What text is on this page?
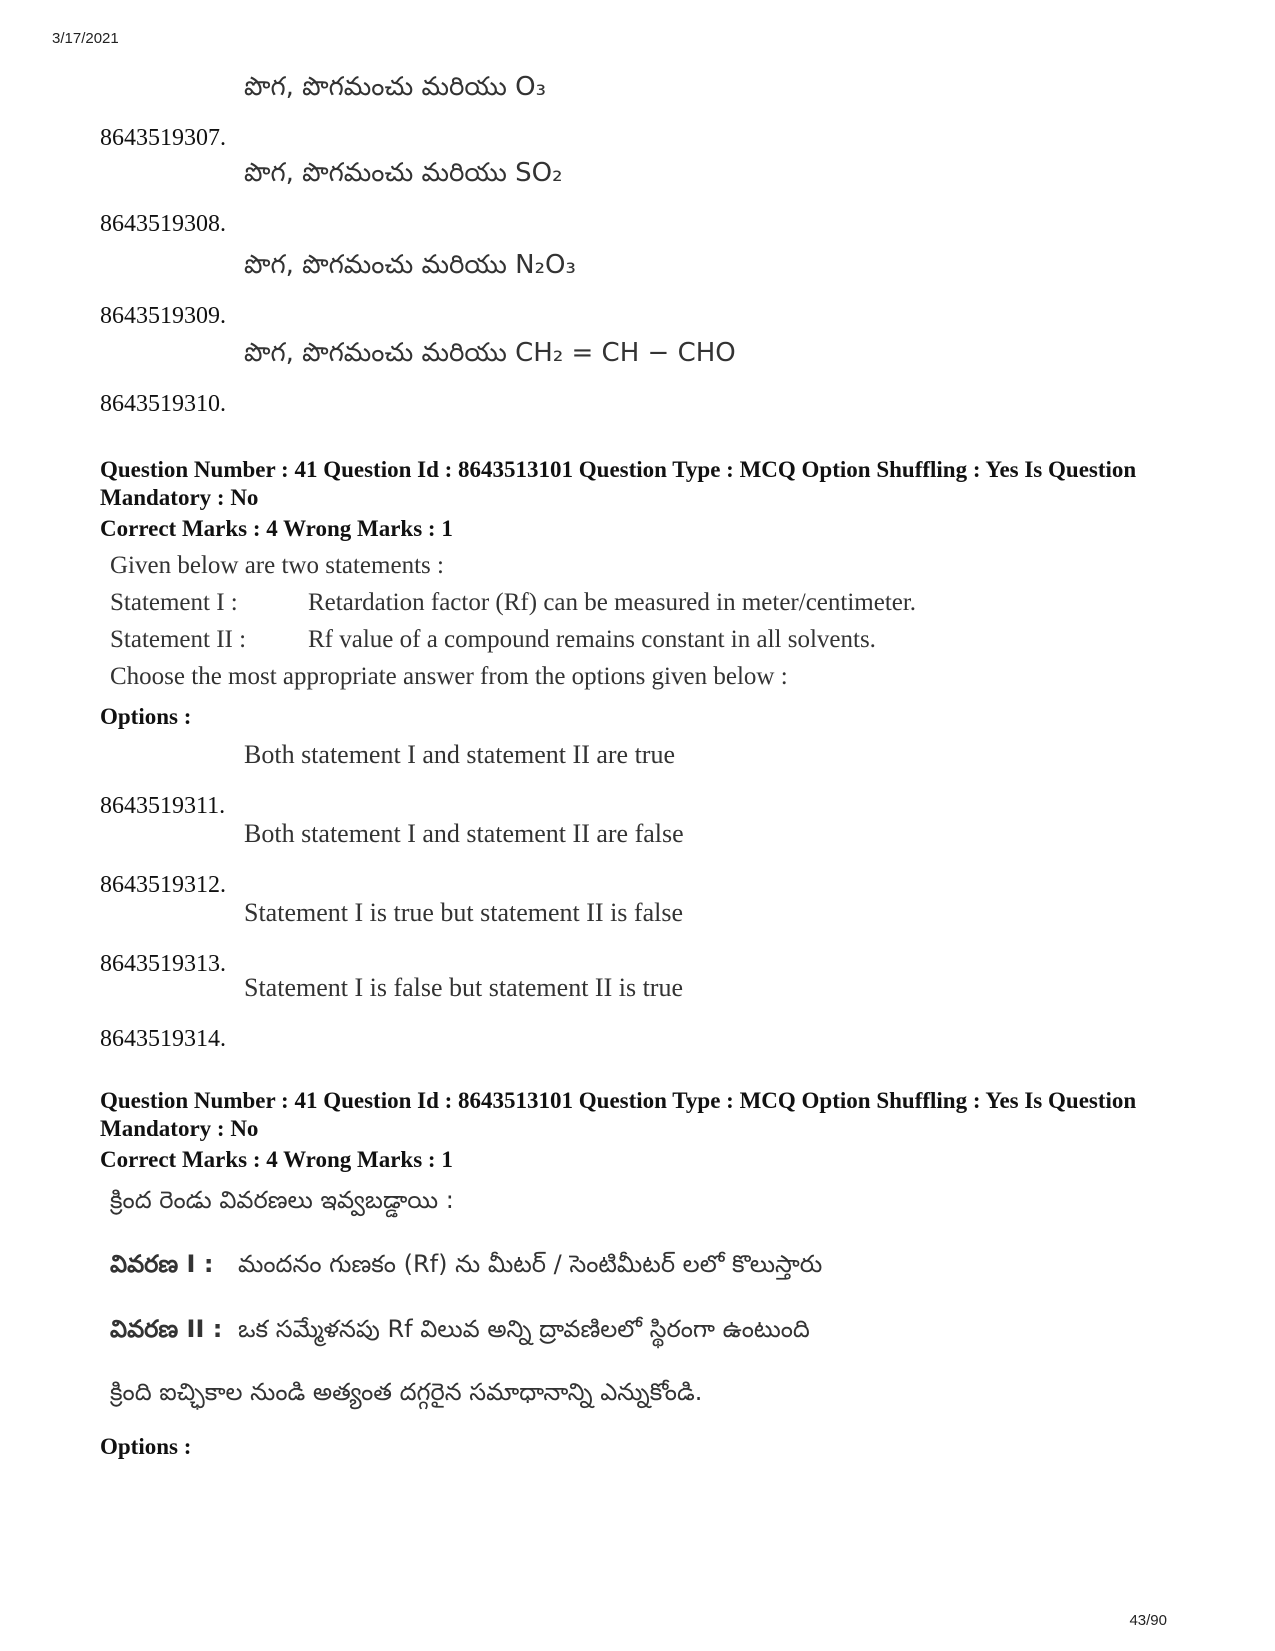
3/17/2021
8643519307.
పొగ, పొగమంచు మరియు O₃
8643519308.
పొగ, పొగమంచు మరియు SO₂
8643519309.
పొగ, పొగమంచు మరియు N₂O₃
8643519310.
పొగ, పొగమంచు మరియు CH₂ = CH − CHO
Question Number : 41 Question Id : 8643513101 Question Type : MCQ Option Shuffling : Yes Is Question Mandatory : No
Correct Marks : 4 Wrong Marks : 1
Given below are two statements :
Statement I :	Retardation factor (Rf) can be measured in meter/centimeter.
Statement II : Rf value of a compound remains constant in all solvents.
Choose the most appropriate answer from the options given below :
Options :
8643519311.
Both statement I and statement II are true
8643519312.
Both statement I and statement II are false
8643519313.
Statement I is true but statement II is false
8643519314.
Statement I is false but statement II is true
Question Number : 41 Question Id : 8643513101 Question Type : MCQ Option Shuffling : Yes Is Question Mandatory : No
Correct Marks : 4 Wrong Marks : 1
క్రింద రెండు వివరణలు ఇవ్వబడ్డాయి :
వివరణ I : మందనం గుణకం (Rf) ను మీటర్ / సెంటిమీటర్ లలో కొలుస్తారు
వివరణ II : ఒక సమ్మేళనపు Rf విలువ అన్ని ద్రావణిలలో స్థిరంగా ఉంటుంది
క్రింది ఐచ్ఛికాల నుండి అత్యంత దగ్గరైన సమాధానాన్ని ఎన్నుకోండి.
Options :
43/90
